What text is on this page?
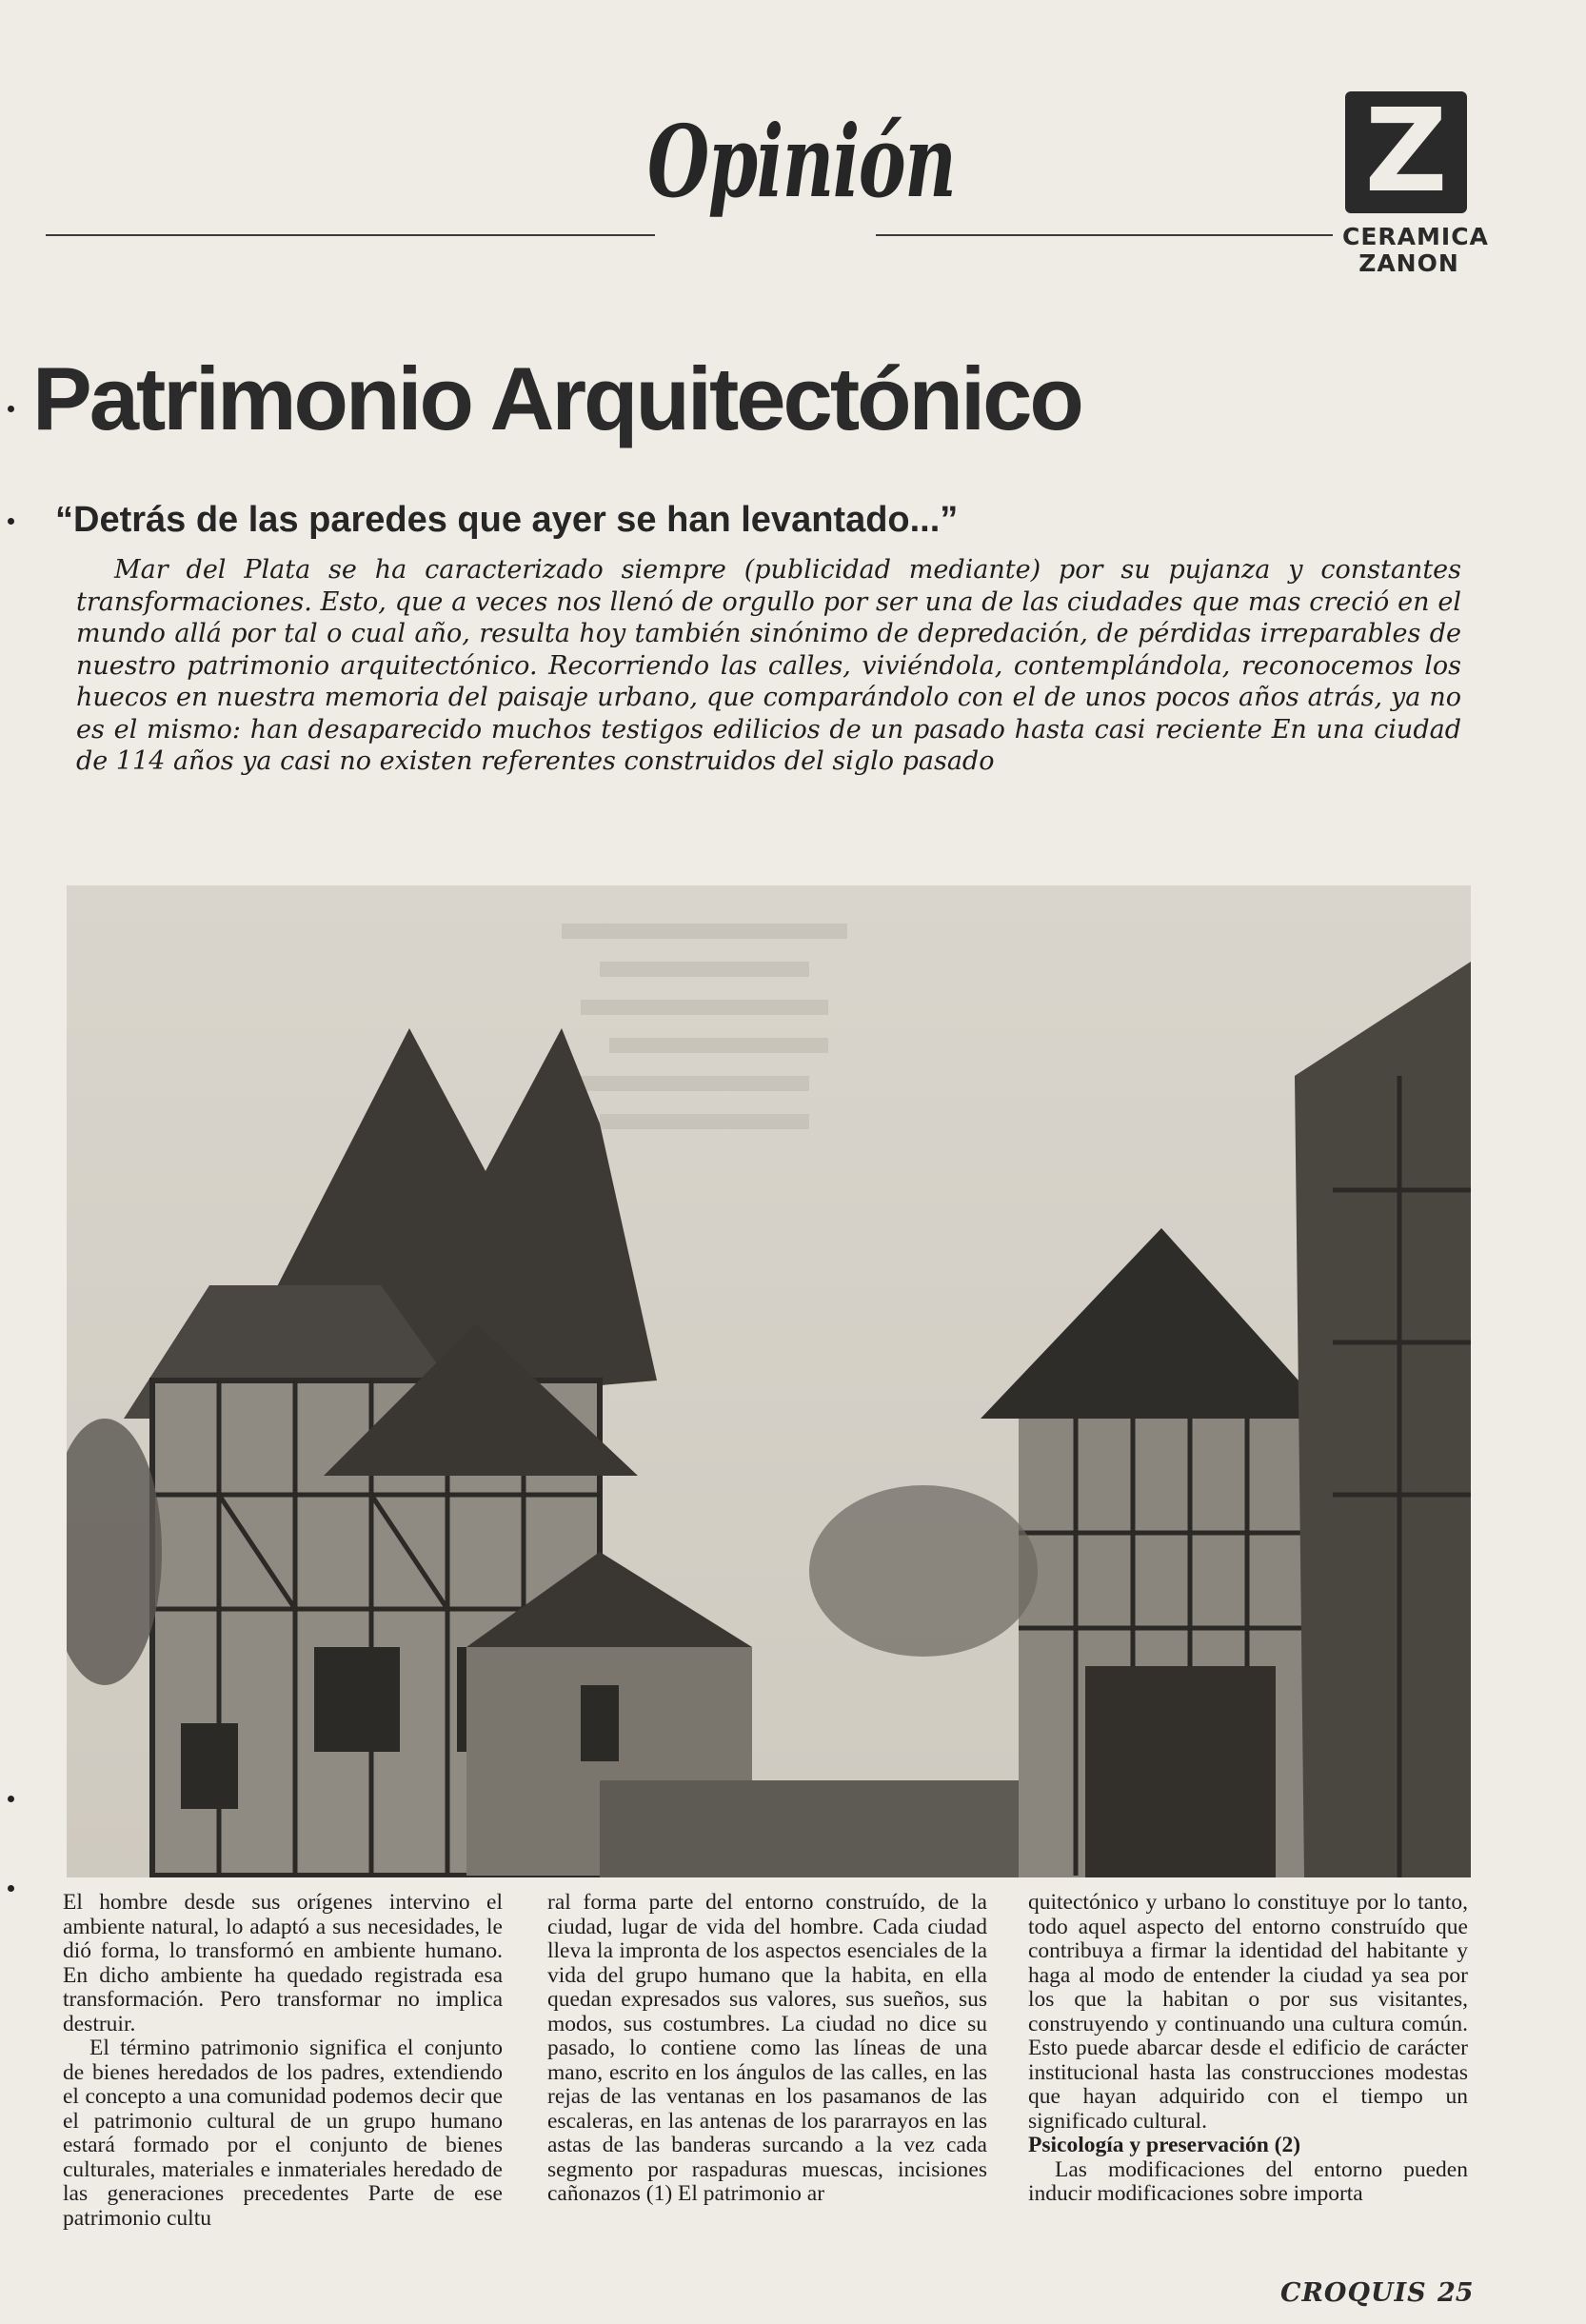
Opinión	Z
CERAMICA
ZANON
Patrimonio Arquitectónico
“Detrás de las paredes que ayer se han levantado...”

Mar del Plata se ha caracterizado siempre (publicidad mediante) por su pujanza y constantes transformaciones. Esto, que a veces nos llenó de orgullo por ser una de las ciudades que mas creció en el mundo allá por tal o cual año, resulta hoy también sinónimo de depredación, de pérdidas irreparables de nuestro patrimonio arquitectónico. Recorriendo las calles, viviéndola, contemplándola, reconocemos los huecos en nuestra memoria del paisaje urbano, que comparándolo con el de unos pocos años atrás, ya no es el mismo: han desaparecido muchos testigos edilicios de un pasado hasta casi reciente En una ciudad de 114 años ya casi no existen referentes construidos del siglo pasado

El hombre desde sus orígenes intervino el ambiente natural, lo adaptó a sus necesidades, le dió forma, lo transformó en ambiente humano. En dicho ambiente ha quedado registrada esa transformación. Pero transformar no implica destruir.

El término patrimonio significa el conjunto de bienes heredados de los padres, extendiendo el concepto a una comunidad podemos decir que el patrimonio cultural de un grupo humano estará formado por el conjunto de bienes culturales, materiales e inmateriales heredado de las generaciones precedentes Parte de ese patrimonio cultu

ral forma parte del entorno construído, de la ciudad, lugar de vida del hombre. Cada ciudad lleva la impronta de los aspectos esenciales de la vida del grupo humano que la habita, en ella quedan expresados sus valores, sus sueños, sus modos, sus costumbres. La ciudad no dice su pasado, lo contiene como las líneas de una mano, escrito en los ángulos de las calles, en las rejas de las ventanas en los pasamanos de las escaleras, en las antenas de los pararrayos en las astas de las banderas surcando a la vez cada segmento por raspaduras muescas, incisiones cañonazos (1) El patrimonio ar

quitectónico y urbano lo constituye por lo tanto, todo aquel aspecto del entorno construído que contribuya a firmar la identidad del habitante y haga al modo de entender la ciudad ya sea por los que la habitan o por sus visitantes, construyendo y continuando una cultura común. Esto puede abarcar desde el edificio de carácter institucional hasta las construcciones modestas que hayan adquirido con el tiempo un significado cultural.

Psicología y preservación (2)

Las modificaciones del entorno pueden inducir modificaciones sobre importa

CROQUIS 25
